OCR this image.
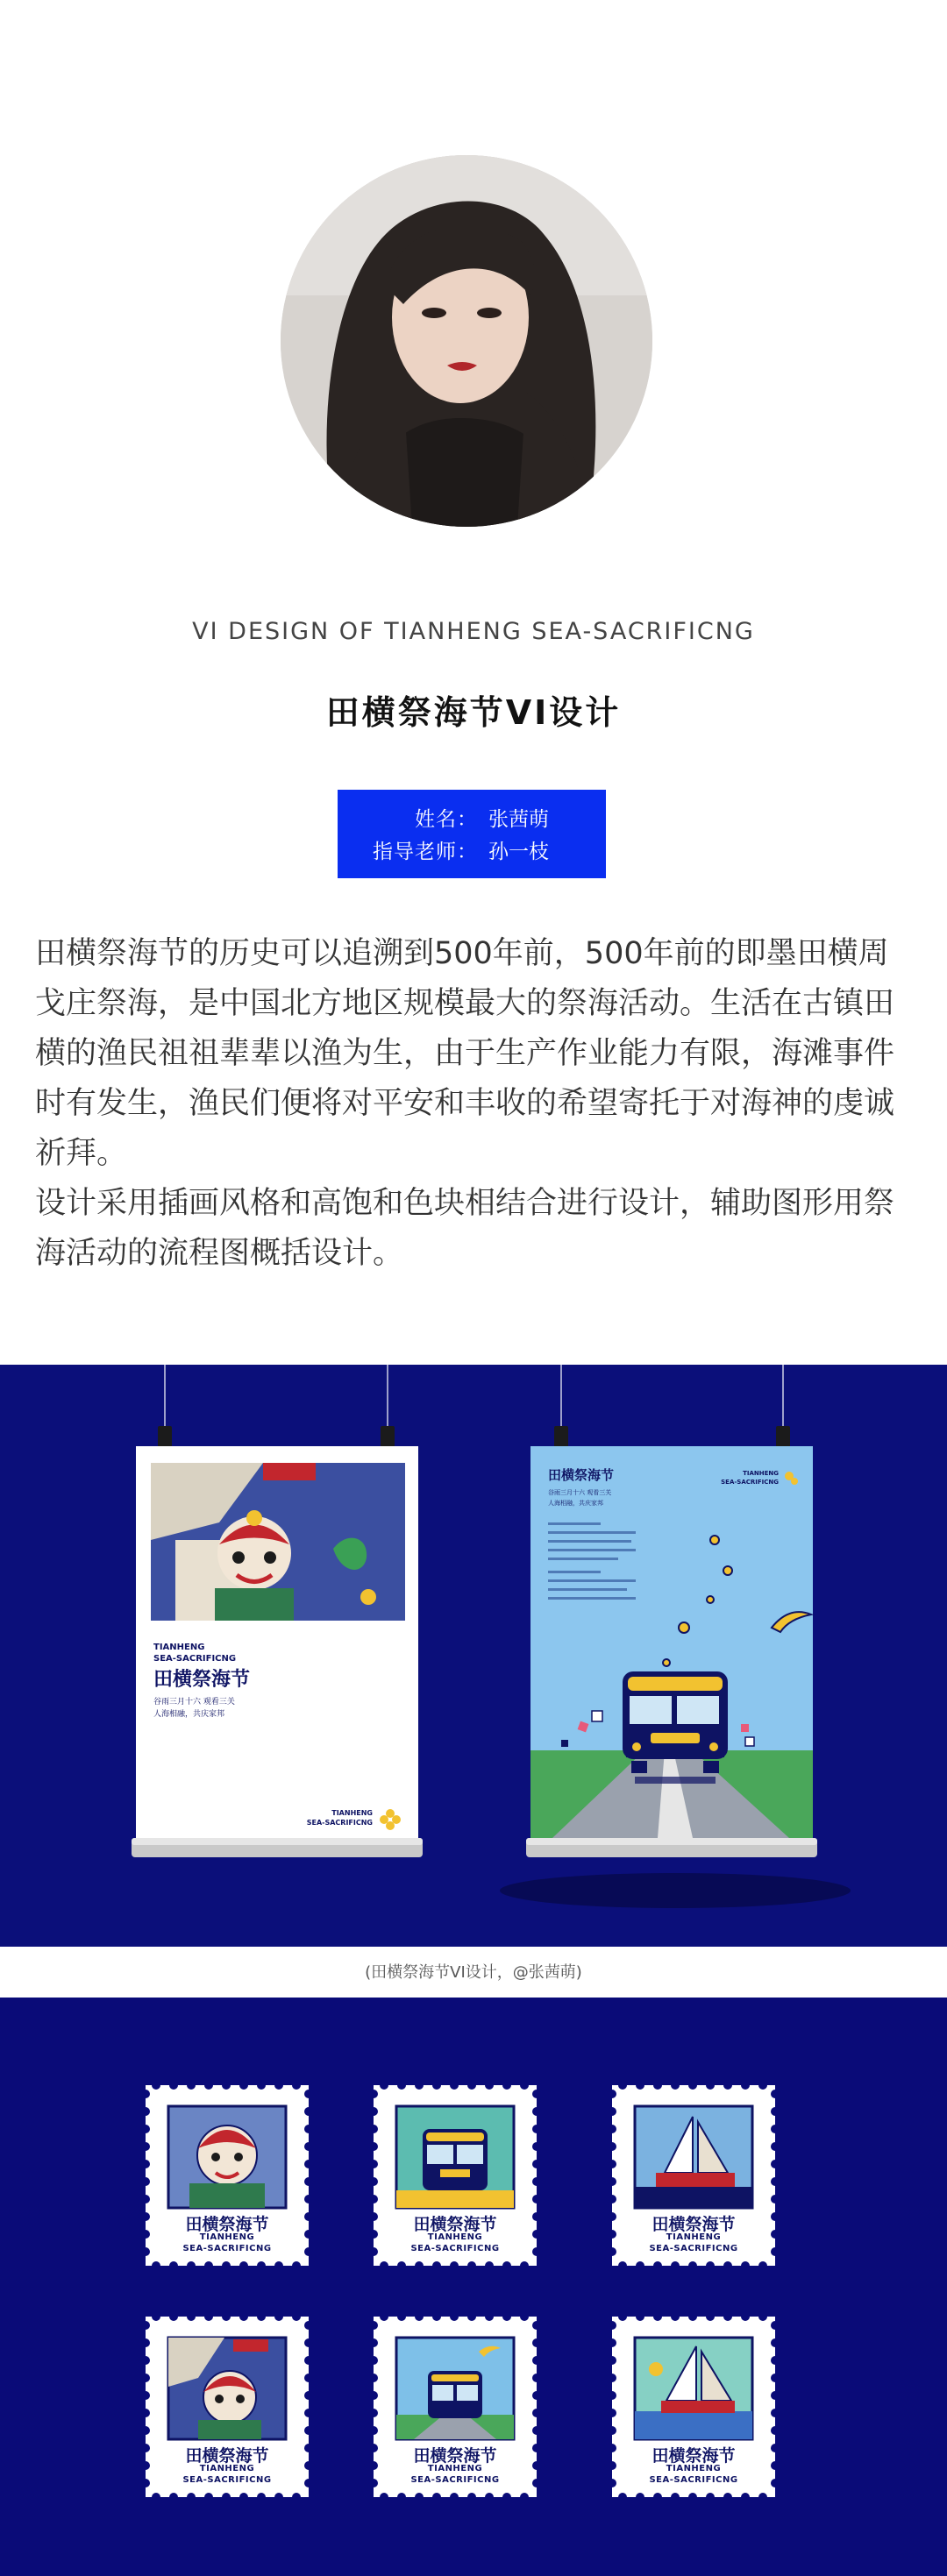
VI DESIGN OF TIANHENG SEA-SACRIFICNG
田横祭海节VI设计
姓名： 张茜萌
指导老师： 孙一枝

田横祭海节的历史可以追溯到500年前，500年前的即墨田横周戈庄祭海，是中国北方地区规模最大的祭海活动。生活在古镇田横的渔民祖祖辈辈以渔为生，由于生产作业能力有限，海滩事件时有发生，渔民们便将对平安和丰收的希望寄托于对海神的虔诚祈拜。

设计采用插画风格和高饱和色块相结合进行设计，辅助图形用祭海活动的流程图概括设计。

TIANHENG
SEA-SACRIFICNG
田横祭海节
谷雨三月十六 观看三关
人海相融，共庆家邦
TIANHENG
SEA-SACRIFICNG
田横祭海节
谷雨三月十六 观看三关
人海相融，共庆家邦
TIANHENG
SEA-SACRIFICNG
(田横祭海节VI设计，@张茜萌)
田横祭海节
TIANHENG
SEA-SACRIFICNG
田横祭海节
TIANHENG
SEA-SACRIFICNG
田横祭海节
TIANHENG
SEA-SACRIFICNG
田横祭海节
TIANHENG
SEA-SACRIFICNG
田横祭海节
TIANHENG
SEA-SACRIFICNG
田横祭海节
TIANHENG
SEA-SACRIFICNG
